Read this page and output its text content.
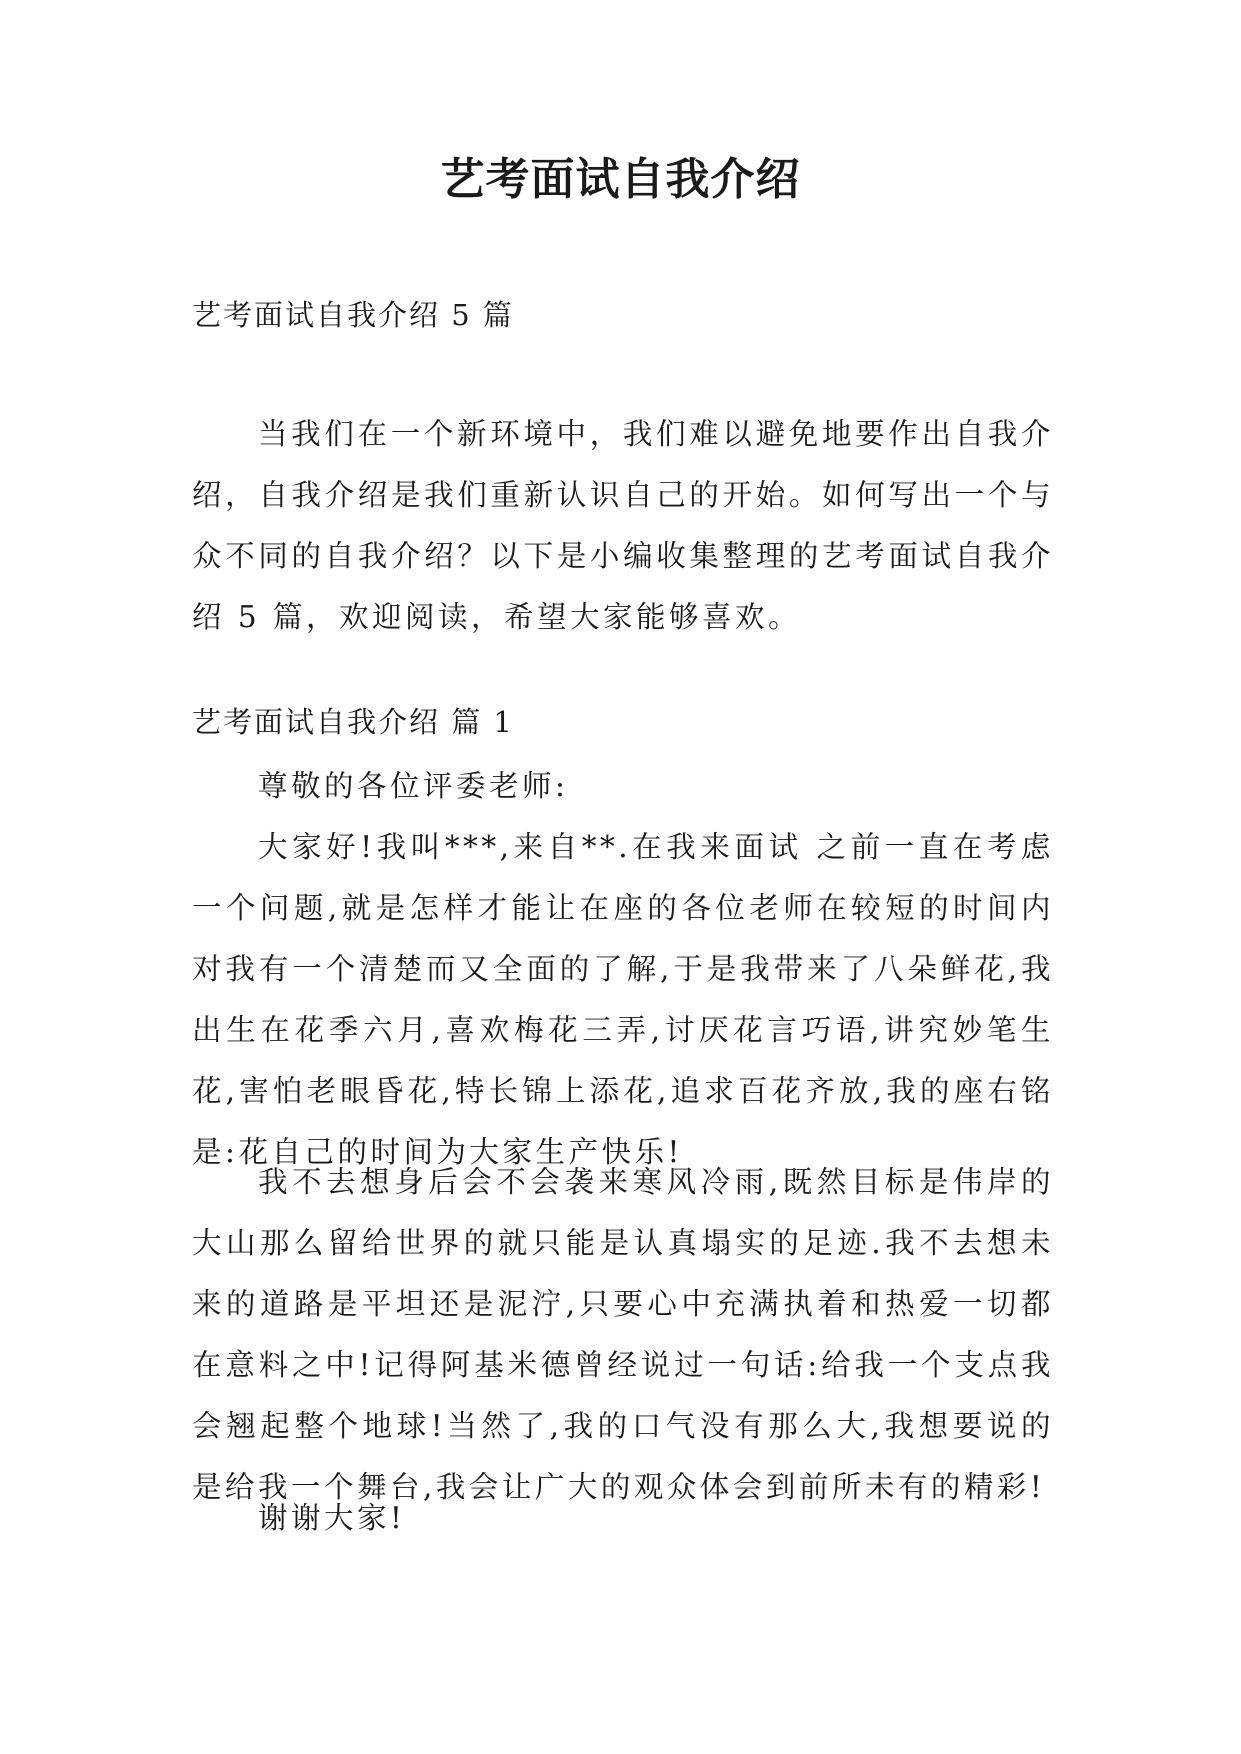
艺考面试自我介绍

艺考面试自我介绍 5 篇

当我们在一个新环境中，我们难以避免地要作出自我介绍，自我介绍是我们重新认识自己的开始。如何写出一个与众不同的自我介绍？以下是小编收集整理的艺考面试自我介绍 5 篇，欢迎阅读，希望大家能够喜欢。

艺考面试自我介绍 篇 1

尊敬的各位评委老师:

大家好!我叫***,来自**.在我来面试 之前一直在考虑一个问题,就是怎样才能让在座的各位老师在较短的时间内对我有一个清楚而又全面的了解,于是我带来了八朵鲜花,我出生在花季六月,喜欢梅花三弄,讨厌花言巧语,讲究妙笔生花,害怕老眼昏花,特长锦上添花,追求百花齐放,我的座右铭是:花自己的时间为大家生产快乐!

我不去想身后会不会袭来寒风冷雨,既然目标是伟岸的大山那么留给世界的就只能是认真塌实的足迹.我不去想未来的道路是平坦还是泥泞,只要心中充满执着和热爱一切都在意料之中!记得阿基米德曾经说过一句话:给我一个支点我会翘起整个地球!当然了,我的口气没有那么大,我想要说的是给我一个舞台,我会让广大的观众体会到前所未有的精彩!

谢谢大家!
